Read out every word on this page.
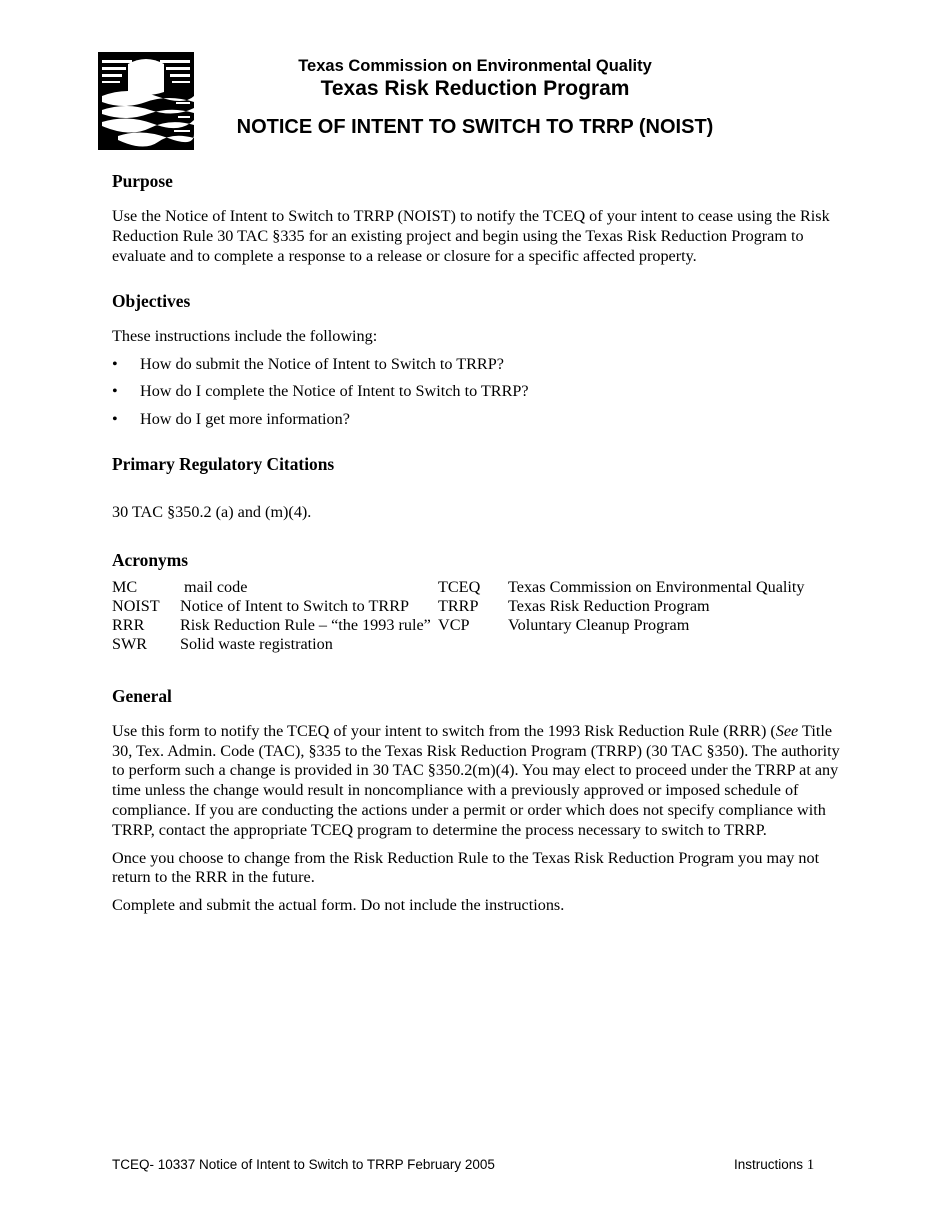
Texas Commission on Environmental Quality
Texas Risk Reduction Program
NOTICE OF INTENT TO SWITCH TO TRRP (NOIST)
Purpose

Use the Notice of Intent to Switch to TRRP (NOIST) to notify the TCEQ of your intent to cease using the Risk Reduction Rule 30 TAC §335 for an existing project and begin using the Texas Risk Reduction Program to evaluate and to complete a response to a release or closure for a specific affected property.

Objectives

These instructions include the following:

• How do submit the Notice of Intent to Switch to TRRP?
• How do I complete the Notice of Intent to Switch to TRRP?
• How do I get more information?
Primary Regulatory Citations

30 TAC §350.2 (a) and (m)(4).

Acronyms
MC	mail code	TCEQ	Texas Commission on Environmental Quality
NOIST	Notice of Intent to Switch to TRRP	TRRP	Texas Risk Reduction Program
RRR	Risk Reduction Rule – “the 1993 rule”	VCP	Voluntary Cleanup Program
SWR	Solid waste registration		
General

Use this form to notify the TCEQ of your intent to switch from the 1993 Risk Reduction Rule (RRR) (See Title 30, Tex. Admin. Code (TAC), §335 to the Texas Risk Reduction Program (TRRP) (30 TAC §350). The authority to perform such a change is provided in 30 TAC §350.2(m)(4). You may elect to proceed under the TRRP at any time unless the change would result in noncompliance with a previously approved or imposed schedule of compliance. If you are conducting the actions under a permit or order which does not specify compliance with TRRP, contact the appropriate TCEQ program to determine the process necessary to switch to TRRP.

Once you choose to change from the Risk Reduction Rule to the Texas Risk Reduction Program you may not return to the RRR in the future.

Complete and submit the actual form. Do not include the instructions.

TCEQ- 10337 Notice of Intent to Switch to TRRP February 2005	Instructions 1
